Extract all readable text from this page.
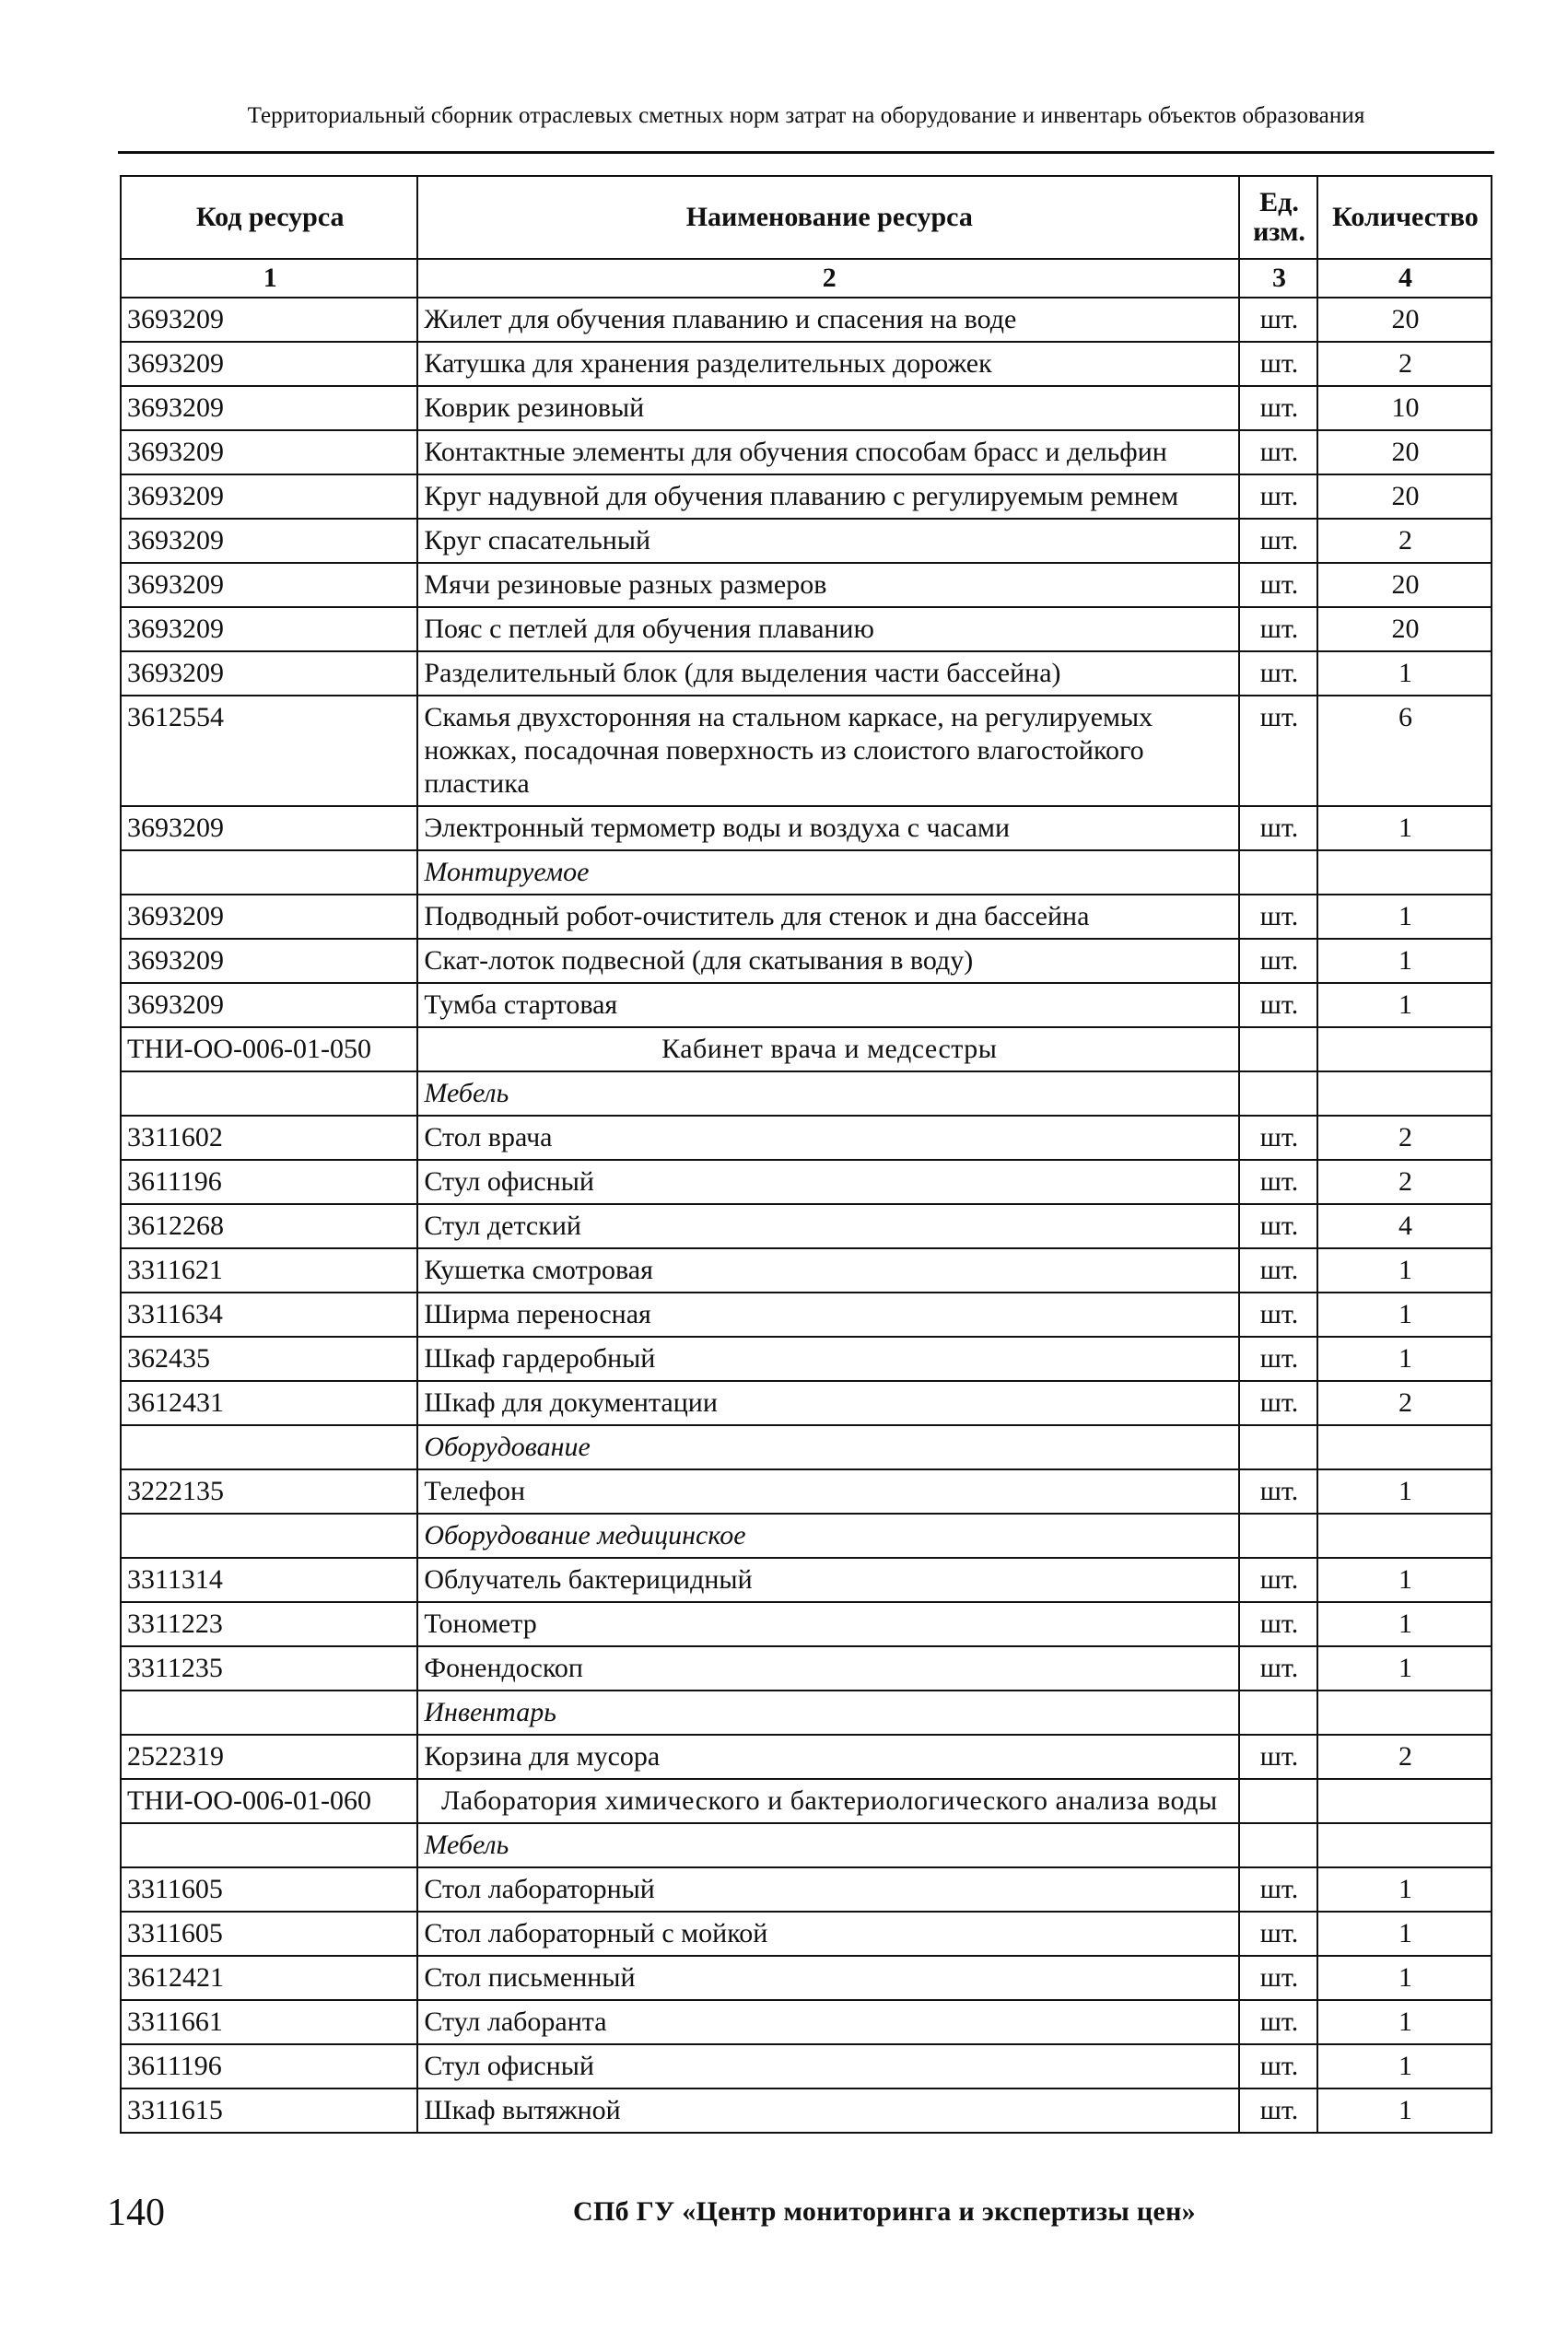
Территориальный сборник отраслевых сметных норм затрат на оборудование и инвентарь объектов образования
Код ресурса	Наименование ресурса	Ед. изм.	Количество
1	2	3	4
3693209	Жилет для обучения плаванию и спасения на воде	шт.	20
3693209	Катушка для хранения разделительных дорожек	шт.	2
3693209	Коврик резиновый	шт.	10
3693209	Контактные элементы для обучения способам брасс и дельфин	шт.	20
3693209	Круг надувной для обучения плаванию с регулируемым ремнем	шт.	20
3693209	Круг спасательный	шт.	2
3693209	Мячи резиновые разных размеров	шт.	20
3693209	Пояс с петлей для обучения плаванию	шт.	20
3693209	Разделительный блок (для выделения части бассейна)	шт.	1
3612554	Скамья двухсторонняя на стальном каркасе, на регулируемых ножках, посадочная поверхность из слоистого влагостойкого пластика	шт.	6
3693209	Электронный термометр воды и воздуха с часами	шт.	1
	Монтируемое		
3693209	Подводный робот-очиститель для стенок и дна бассейна	шт.	1
3693209	Скат-лоток подвесной (для скатывания в воду)	шт.	1
3693209	Тумба стартовая	шт.	1
ТНИ-ОО-006-01-050	Кабинет врача и медсестры		
	Мебель		
3311602	Стол врача	шт.	2
3611196	Стул офисный	шт.	2
3612268	Стул детский	шт.	4
3311621	Кушетка смотровая	шт.	1
3311634	Ширма переносная	шт.	1
362435	Шкаф гардеробный	шт.	1
3612431	Шкаф для документации	шт.	2
	Оборудование		
3222135	Телефон	шт.	1
	Оборудование медицинское		
3311314	Облучатель бактерицидный	шт.	1
3311223	Тонометр	шт.	1
3311235	Фонендоскоп	шт.	1
	Инвентарь		
2522319	Корзина для мусора	шт.	2
ТНИ-ОО-006-01-060	Лаборатория химического и бактериологического анализа воды		
	Мебель		
3311605	Стол лабораторный	шт.	1
3311605	Стол лабораторный с мойкой	шт.	1
3612421	Стол письменный	шт.	1
3311661	Стул лаборанта	шт.	1
3611196	Стул офисный	шт.	1
3311615	Шкаф вытяжной	шт.	1
140	СПб ГУ «Центр мониторинга и экспертизы цен»
